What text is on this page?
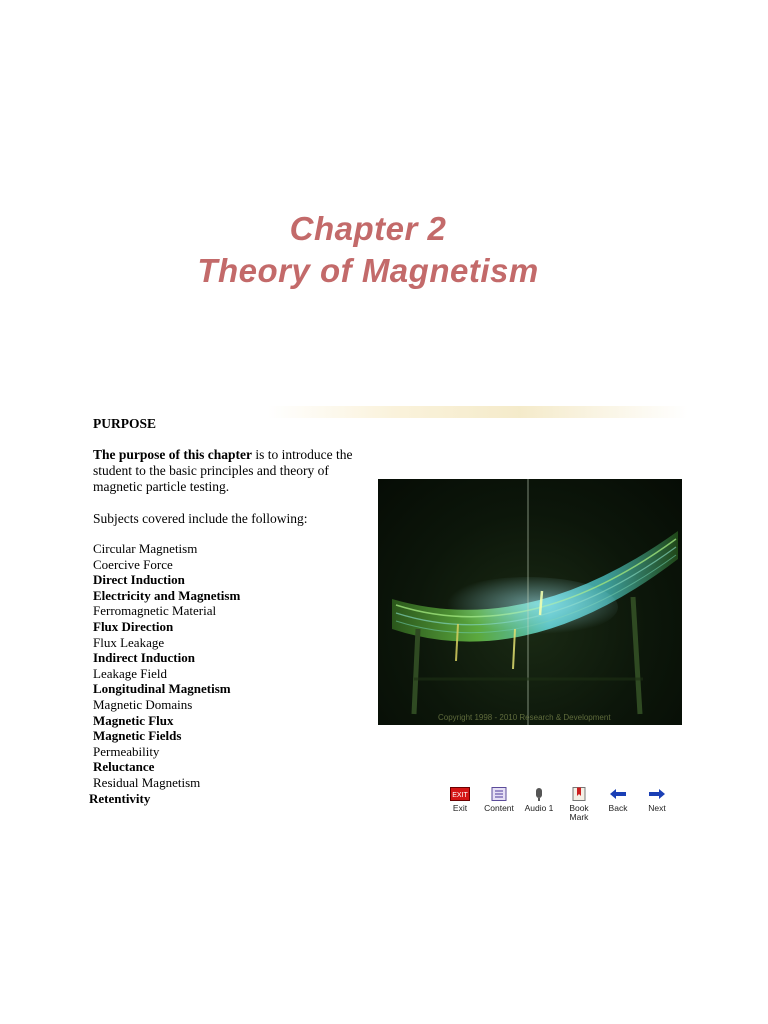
Chapter 2
Theory of Magnetism
PURPOSE
The purpose of this chapter is to introduce the student to the basic principles and theory of magnetic particle testing.
Subjects covered include the following:
Circular Magnetism
Coercive Force
Direct Induction
Electricity and Magnetism
Ferromagnetic Material
Flux Direction
Flux Leakage
Indirect Induction
Leakage Field
Longitudinal Magnetism
Magnetic Domains
Magnetic Flux
Magnetic Fields
Permeability
Reluctance
Residual Magnetism
Retentivity
Copyright 1998 - 2010 Research & Development
EXIT
Exit	Content	Audio 1	Book Mark
Back	Next
